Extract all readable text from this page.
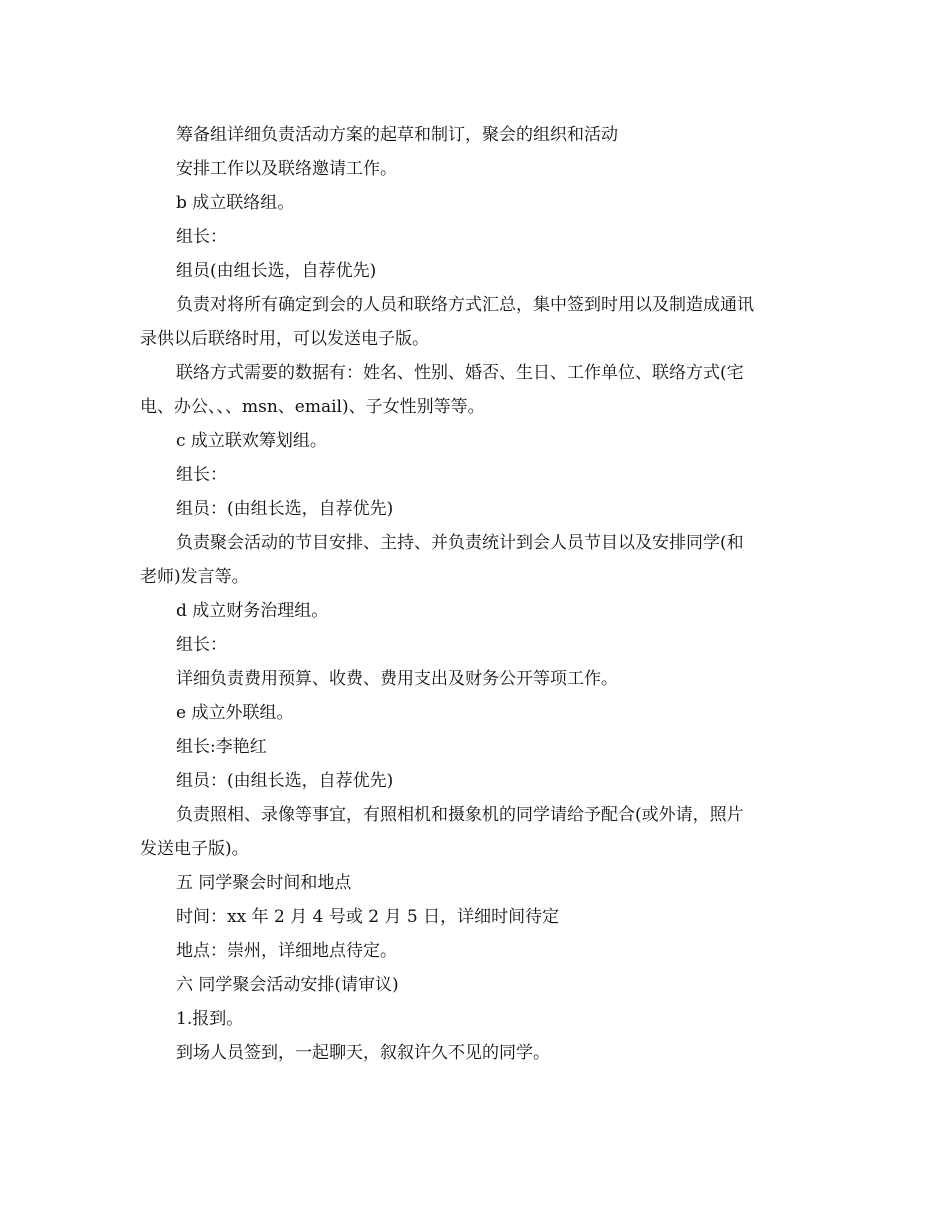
筹备组详细负责活动方案的起草和制订，聚会的组织和活动
安排工作以及联络邀请工作。
b 成立联络组。
组长：
组员(由组长选，自荐优先)
负责对将所有确定到会的人员和联络方式汇总，集中签到时用以及制造成通讯
录供以后联络时用，可以发送电子版。
联络方式需要的数据有：姓名、性别、婚否、生日、工作单位、联络方式(宅
电、办公、、、msn、email)、子女性别等等。
c 成立联欢筹划组。
组长：
组员：(由组长选，自荐优先)
负责聚会活动的节目安排、主持、并负责统计到会人员节目以及安排同学(和
老师)发言等。
d 成立财务治理组。
组长：
详细负责费用预算、收费、费用支出及财务公开等项工作。
e 成立外联组。
组长:李艳红
组员：(由组长选，自荐优先)
负责照相、录像等事宜，有照相机和摄象机的同学请给予配合(或外请，照片
发送电子版)。
五 同学聚会时间和地点
时间：xx 年 2 月 4 号或 2 月 5 日，详细时间待定
地点：崇州，详细地点待定。
六 同学聚会活动安排(请审议)
1.报到。
到场人员签到，一起聊天，叙叙许久不见的同学。
